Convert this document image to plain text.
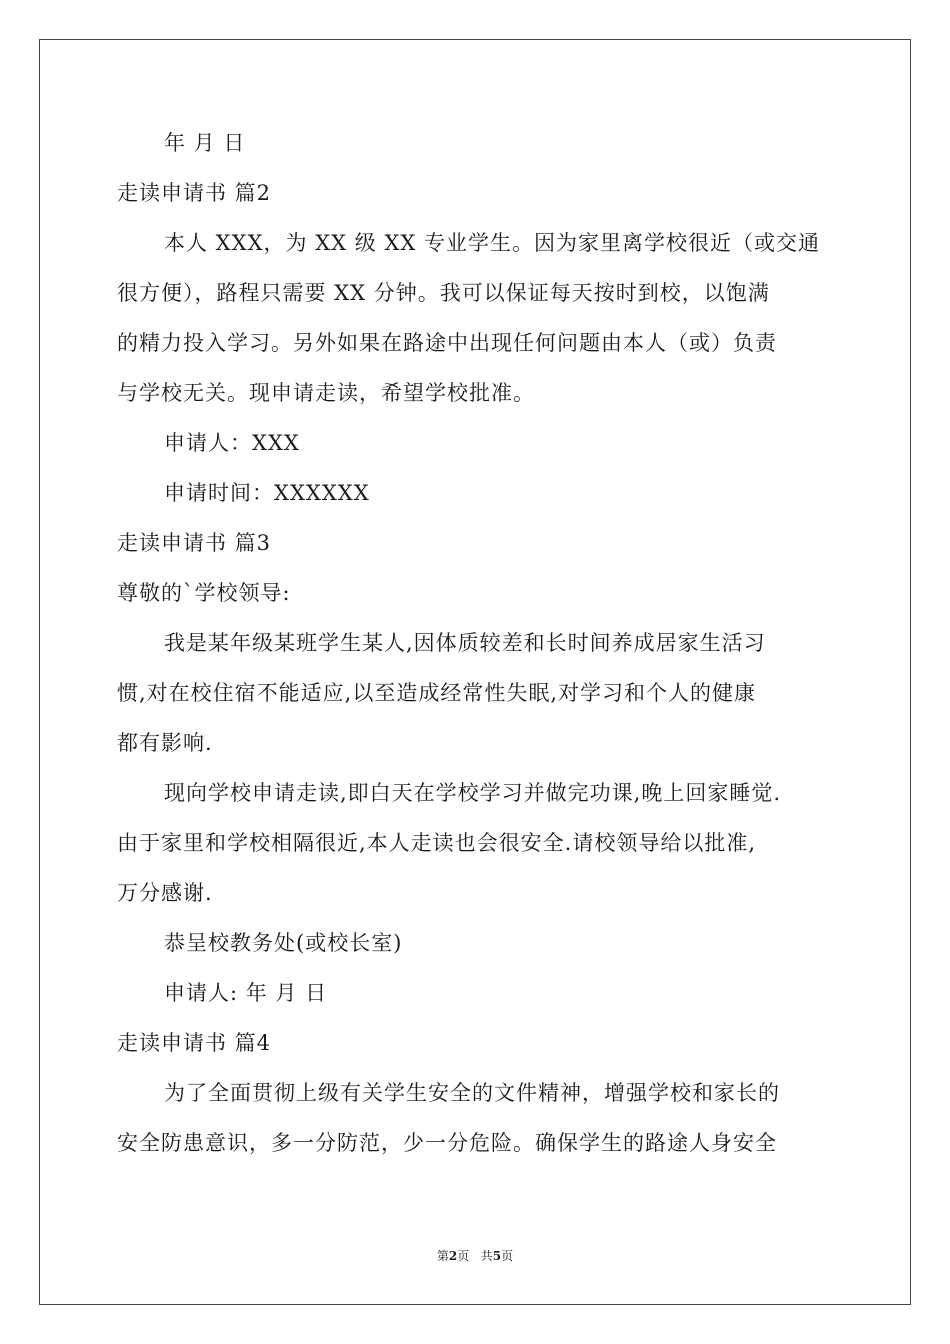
年 月 日
走读申请书 篇2
本人 XXX，为 XX 级 XX 专业学生。因为家里离学校很近（或交通
很方便），路程只需要 XX 分钟。我可以保证每天按时到校，以饱满
的精力投入学习。另外如果在路途中出现任何问题由本人（或）负责
与学校无关。现申请走读，希望学校批准。
申请人：XXX
申请时间：XXXXXX
走读申请书 篇3
尊敬的`学校领导:
我是某年级某班学生某人,因体质较差和长时间养成居家生活习
惯,对在校住宿不能适应,以至造成经常性失眠,对学习和个人的健康
都有影响.
现向学校申请走读,即白天在学校学习并做完功课,晚上回家睡觉.
由于家里和学校相隔很近,本人走读也会很安全.请校领导给以批准,
万分感谢.
恭呈校教务处(或校长室)
申请人: 年 月 日
走读申请书 篇4
为了全面贯彻上级有关学生安全的文件精神，增强学校和家长的
安全防患意识，多一分防范，少一分危险。确保学生的路途人身安全
第2页 共5页
